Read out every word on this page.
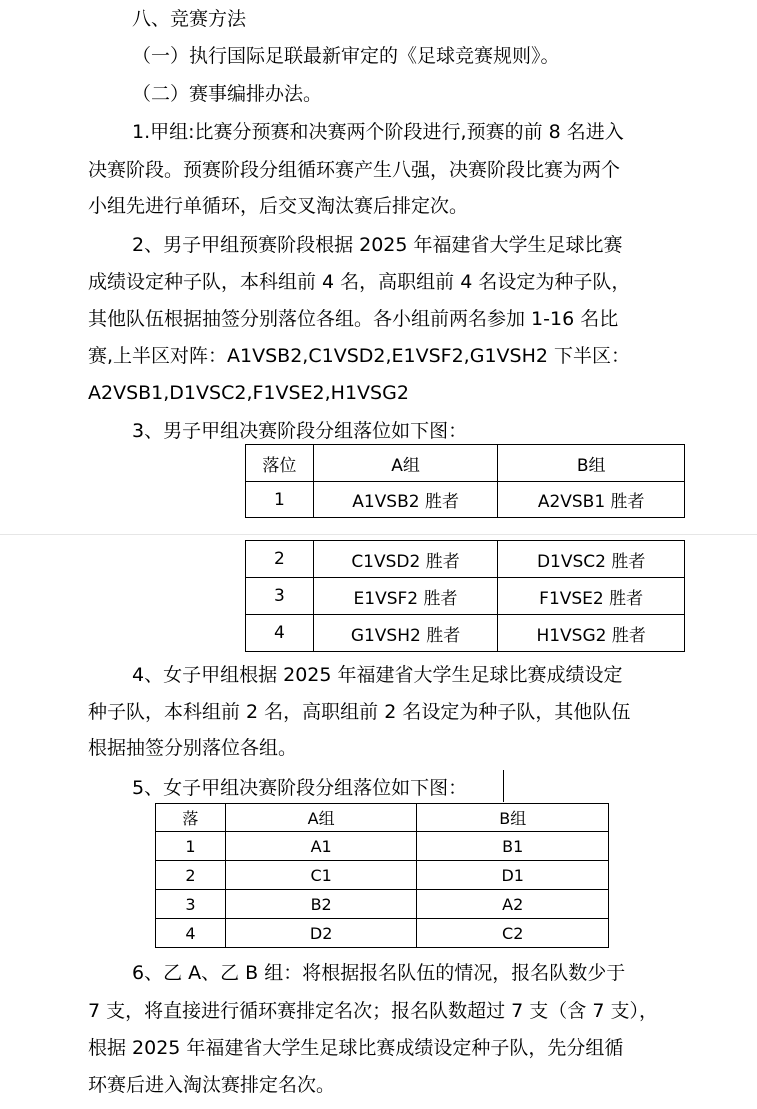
八、竞赛方法
（一）执行国际足联最新审定的《足球竞赛规则》。
（二）赛事编排办法。
1.甲组:比赛分预赛和决赛两个阶段进行,预赛的前 8 名进入
决赛阶段。预赛阶段分组循环赛产生八强，决赛阶段比赛为两个
小组先进行单循环，后交叉淘汰赛后排定次。
2、男子甲组预赛阶段根据 2025 年福建省大学生足球比赛
成绩设定种子队，本科组前 4 名，高职组前 4 名设定为种子队，
其他队伍根据抽签分别落位各组。各小组前两名参加 1-16 名比
赛,上半区对阵：A1VSB2,C1VSD2,E1VSF2,G1VSH2 下半区：
A2VSB1,D1VSC2,F1VSE2,H1VSG2
3、男子甲组决赛阶段分组落位如下图：
落位	A组	B组
1	A1VSB2 胜者	A2VSB1 胜者
2	C1VSD2 胜者	D1VSC2 胜者
3	E1VSF2 胜者	F1VSE2 胜者
4	G1VSH2 胜者	H1VSG2 胜者
4、女子甲组根据 2025 年福建省大学生足球比赛成绩设定
种子队，本科组前 2 名，高职组前 2 名设定为种子队，其他队伍
根据抽签分别落位各组。
5、女子甲组决赛阶段分组落位如下图：
落	A组	B组
1	A1	B1
2	C1	D1
3	B2	A2
4	D2	C2
6、乙 A、乙 B 组：将根据报名队伍的情况，报名队数少于
7 支，将直接进行循环赛排定名次；报名队数超过 7 支（含 7 支），
根据 2025 年福建省大学生足球比赛成绩设定种子队，先分组循
环赛后进入淘汰赛排定名次。
